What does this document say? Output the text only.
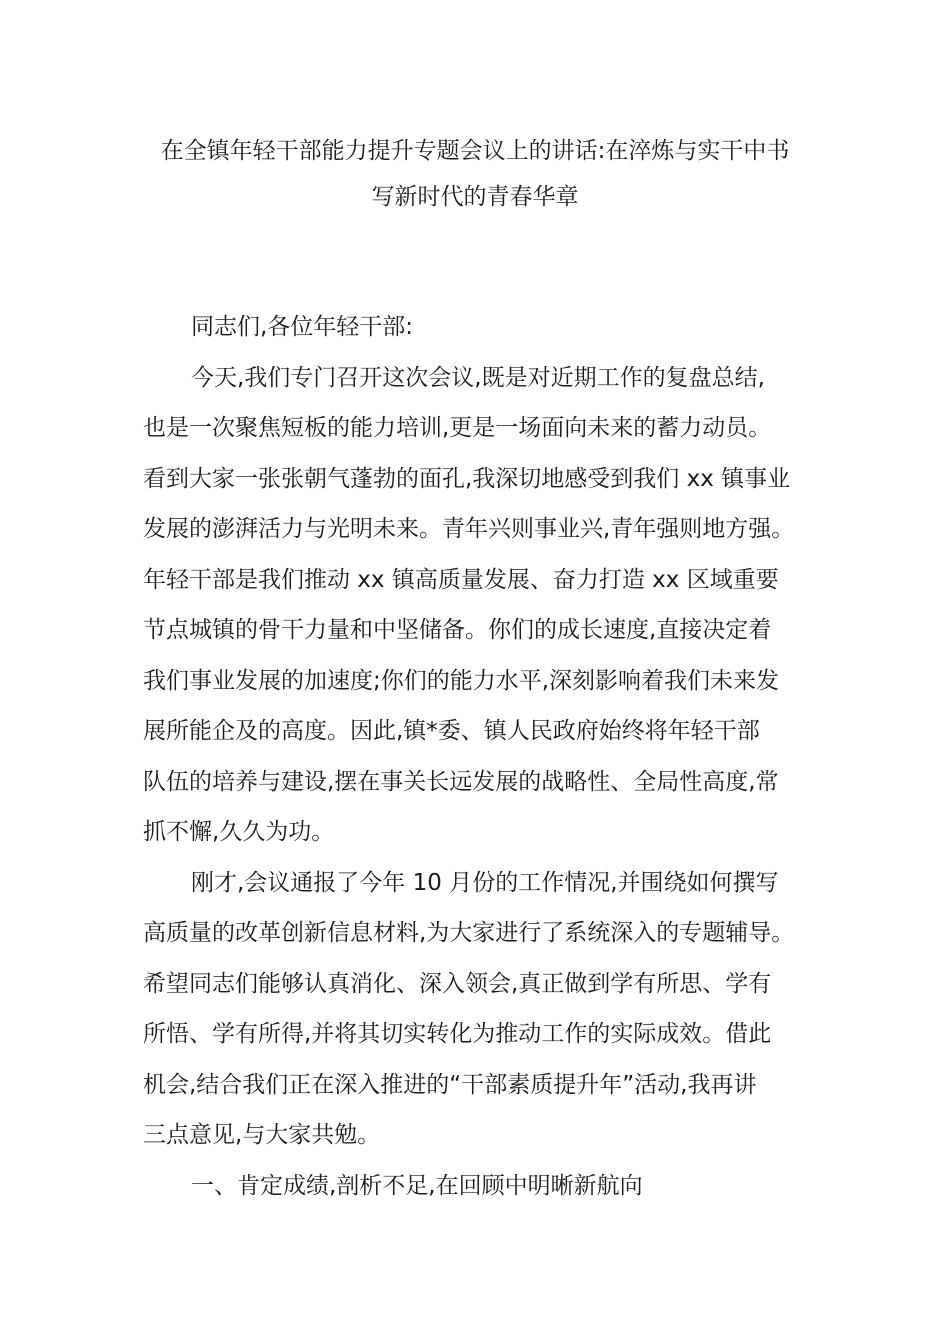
在全镇年轻干部能力提升专题会议上的讲话:在淬炼与实干中书
写新时代的青春华章

同志们,各位年轻干部:

今天,我们专门召开这次会议,既是对近期工作的复盘总结,
也是一次聚焦短板的能力培训,更是一场面向未来的蓄力动员。
看到大家一张张朝气蓬勃的面孔,我深切地感受到我们 xx 镇事业
发展的澎湃活力与光明未来。青年兴则事业兴,青年强则地方强。
年轻干部是我们推动 xx 镇高质量发展、奋力打造 xx 区域重要
节点城镇的骨干力量和中坚储备。你们的成长速度,直接决定着
我们事业发展的加速度;你们的能力水平,深刻影响着我们未来发
展所能企及的高度。因此,镇*委、镇人民政府始终将年轻干部
队伍的培养与建设,摆在事关长远发展的战略性、全局性高度,常
抓不懈,久久为功。

刚才,会议通报了今年 10 月份的工作情况,并围绕如何撰写
高质量的改革创新信息材料,为大家进行了系统深入的专题辅导。
希望同志们能够认真消化、深入领会,真正做到学有所思、学有
所悟、学有所得,并将其切实转化为推动工作的实际成效。借此
机会,结合我们正在深入推进的“干部素质提升年”活动,我再讲
三点意见,与大家共勉。

一、肯定成绩,剖析不足,在回顾中明晰新航向
